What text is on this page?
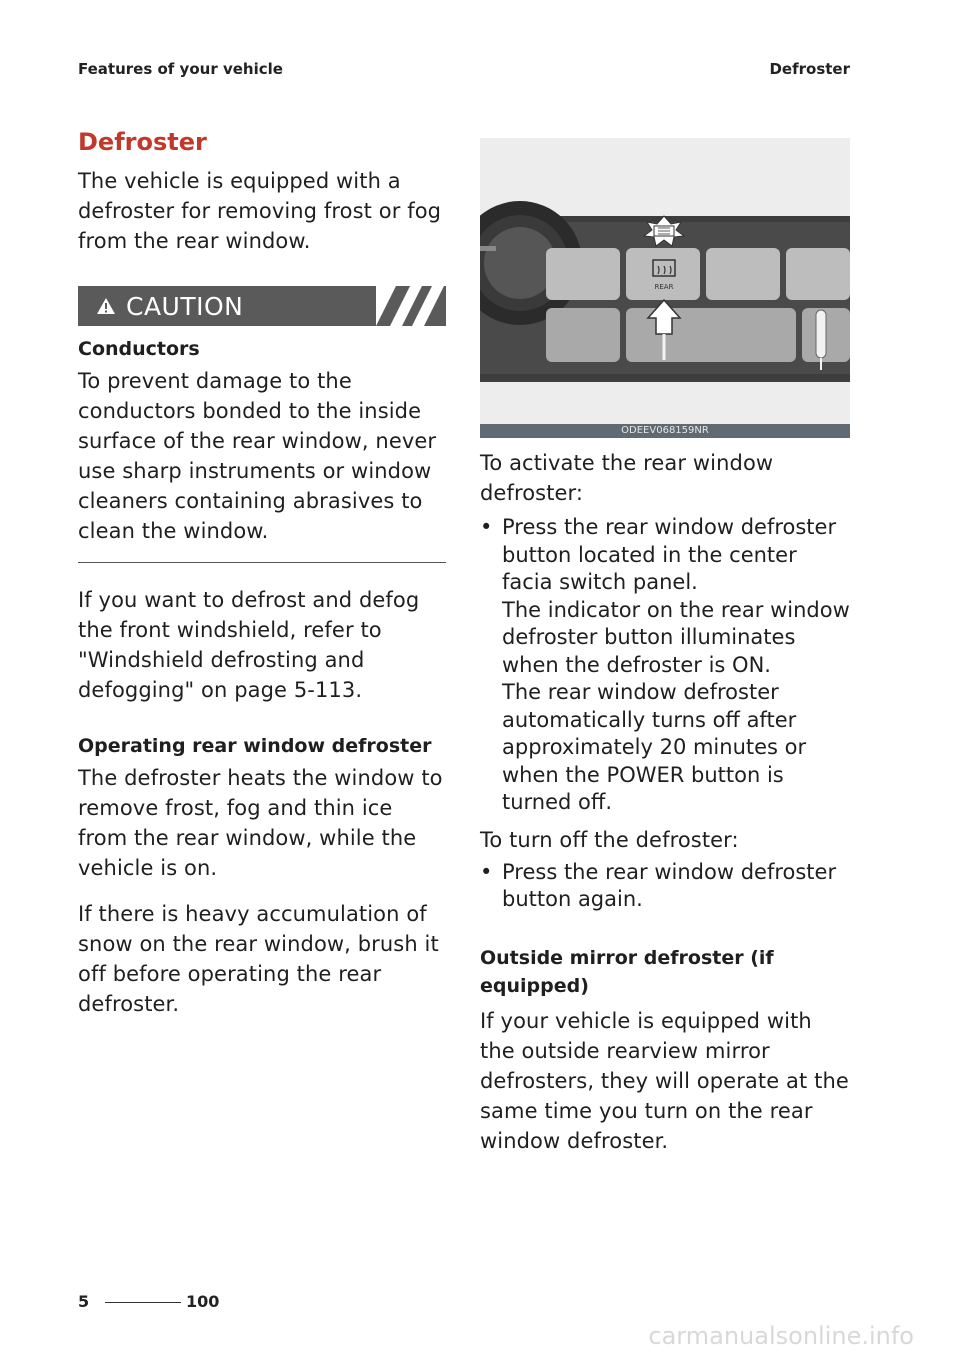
Features of your vehicle	Defroster
Defroster

The vehicle is equipped with a defroster for removing frost or fog from the rear window.

CAUTION
Conductors

To prevent damage to the conductors bonded to the inside surface of the rear window, never use sharp instruments or window cleaners containing abrasives to clean the window.

If you want to defrost and defog the front windshield, refer to "Windshield defrosting and defogging" on page 5-113.

Operating rear window defroster

The defroster heats the window to remove frost, fog and thin ice from the rear window, while the vehicle is on.

If there is heavy accumulation of snow on the rear window, brush it off before operating the rear defroster.

REAR
ODEEV068159NR

To activate the rear window defroster:

• Press the rear window defroster button located in the center facia switch panel.
The indicator on the rear window defroster button illuminates when the defroster is ON.
The rear window defroster automatically turns off after approximately 20 minutes or when the POWER button is turned off.

To turn off the defroster:

• Press the rear window defroster button again.
Outside mirror defroster (if equipped)

If your vehicle is equipped with the outside rearview mirror defrosters, they will operate at the same time you turn on the rear window defroster.

5	100
carmanualsonline.info
